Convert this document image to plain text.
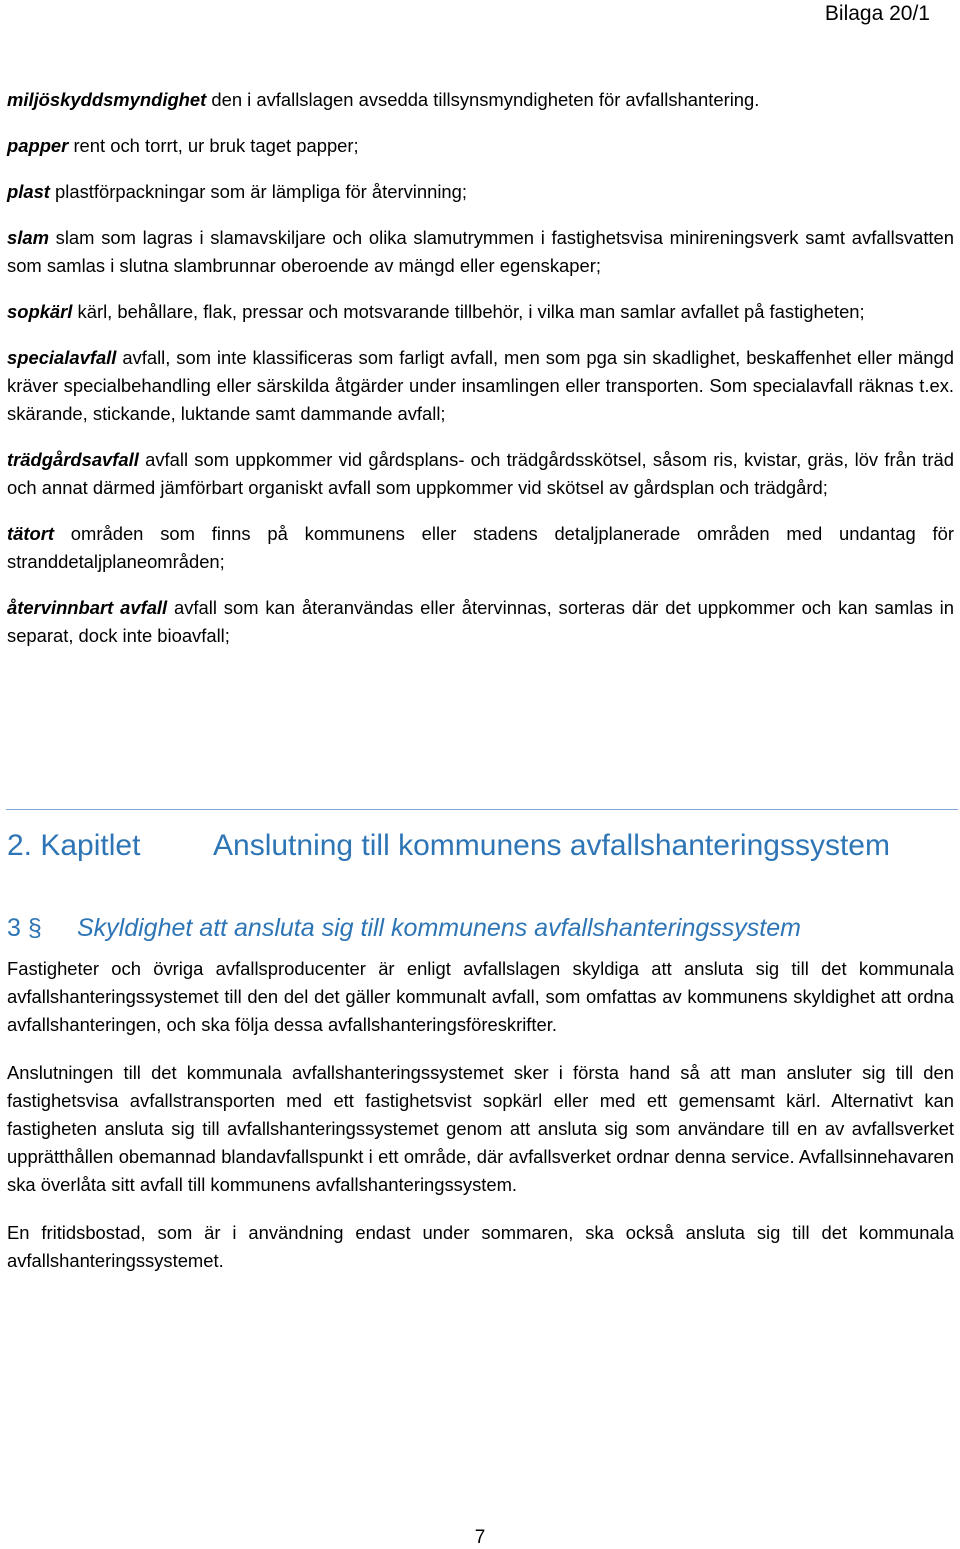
Bilaga 20/1

miljöskyddsmyndighet den i avfallslagen avsedda tillsynsmyndigheten för avfallshantering.

papper rent och torrt, ur bruk taget papper;

plast plastförpackningar som är lämpliga för återvinning;

slam slam som lagras i slamavskiljare och olika slamutrymmen i fastighetsvisa minireningsverk samt avfallsvatten som samlas i slutna slambrunnar oberoende av mängd eller egenskaper;

sopkärl kärl, behållare, flak, pressar och motsvarande tillbehör, i vilka man samlar avfallet på fastigheten;

specialavfall avfall, som inte klassificeras som farligt avfall, men som pga sin skadlighet, beskaffenhet eller mängd kräver specialbehandling eller särskilda åtgärder under insamlingen eller transporten. Som specialavfall räknas t.ex. skärande, stickande, luktande samt dammande avfall;

trädgårdsavfall avfall som uppkommer vid gårdsplans- och trädgårdsskötsel, såsom ris, kvistar, gräs, löv från träd och annat därmed jämförbart organiskt avfall som uppkommer vid skötsel av gårdsplan och trädgård;

tätort områden som finns på kommunens eller stadens detaljplanerade områden med undantag för stranddetaljplaneområden;

återvinnbart avfall avfall som kan återanvändas eller återvinnas, sorteras där det uppkommer och kan samlas in separat, dock inte bioavfall;

2. Kapitlet Anslutning till kommunens avfallshanteringssystem
3 § Skyldighet att ansluta sig till kommunens avfallshanteringssystem

Fastigheter och övriga avfallsproducenter är enligt avfallslagen skyldiga att ansluta sig till det kommunala avfallshanteringssystemet till den del det gäller kommunalt avfall, som omfattas av kommunens skyldighet att ordna avfallshanteringen, och ska följa dessa avfallshanteringsföreskrifter.

Anslutningen till det kommunala avfallshanteringssystemet sker i första hand så att man ansluter sig till den fastighetsvisa avfallstransporten med ett fastighetsvist sopkärl eller med ett gemensamt kärl. Alternativt kan fastigheten ansluta sig till avfallshanteringssystemet genom att ansluta sig som användare till en av avfallsverket upprätthållen obemannad blandavfallspunkt i ett område, där avfallsverket ordnar denna service. Avfallsinnehavaren ska överlåta sitt avfall till kommunens avfallshanteringssystem.

En fritidsbostad, som är i användning endast under sommaren, ska också ansluta sig till det kommunala avfallshanteringssystemet.

7
